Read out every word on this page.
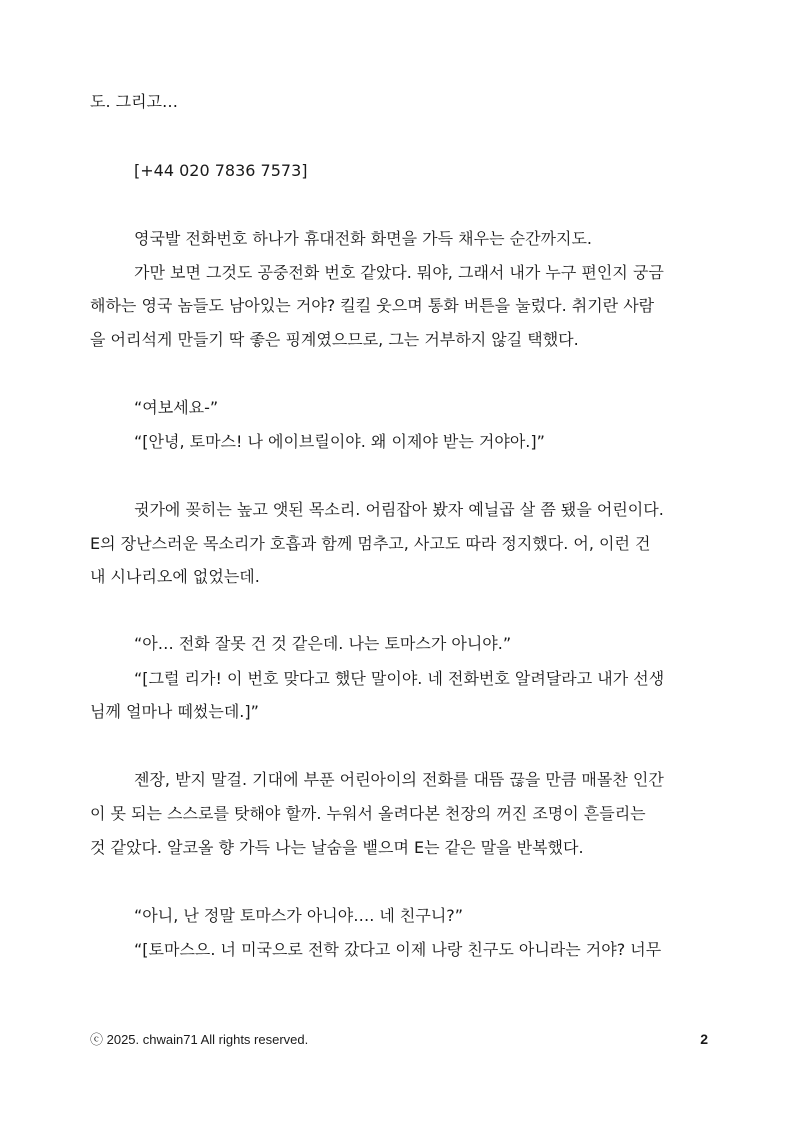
도. 그리고…
[+44 020 7836 7573]
영국발 전화번호 하나가 휴대전화 화면을 가득 채우는 순간까지도.
가만 보면 그것도 공중전화 번호 같았다. 뭐야, 그래서 내가 누구 편인지 궁금
해하는 영국 놈들도 남아있는 거야? 킬킬 웃으며 통화 버튼을 눌렀다. 취기란 사람
을 어리석게 만들기 딱 좋은 핑계였으므로, 그는 거부하지 않길 택했다.
“여보세요-”
“[안녕, 토마스! 나 에이브릴이야. 왜 이제야 받는 거야아.]”
귓가에 꽂히는 높고 앳된 목소리. 어림잡아 봤자 예닐곱 살 쯤 됐을 어린이다.
E의 장난스러운 목소리가 호흡과 함께 멈추고, 사고도 따라 정지했다. 어, 이런 건
내 시나리오에 없었는데.
“아… 전화 잘못 건 것 같은데. 나는 토마스가 아니야.”
“[그럴 리가! 이 번호 맞다고 했단 말이야. 네 전화번호 알려달라고 내가 선생
님께 얼마나 떼썼는데.]”
젠장, 받지 말걸. 기대에 부푼 어린아이의 전화를 대뜸 끊을 만큼 매몰찬 인간
이 못 되는 스스로를 탓해야 할까. 누워서 올려다본 천장의 꺼진 조명이 흔들리는
것 같았다. 알코올 향 가득 나는 날숨을 뱉으며 E는 같은 말을 반복했다.
“아니, 난 정말 토마스가 아니야…. 네 친구니?”
“[토마스으. 너 미국으로 전학 갔다고 이제 나랑 친구도 아니라는 거야? 너무
ⓒ 2025. chwain71 All rights reserved.	2
